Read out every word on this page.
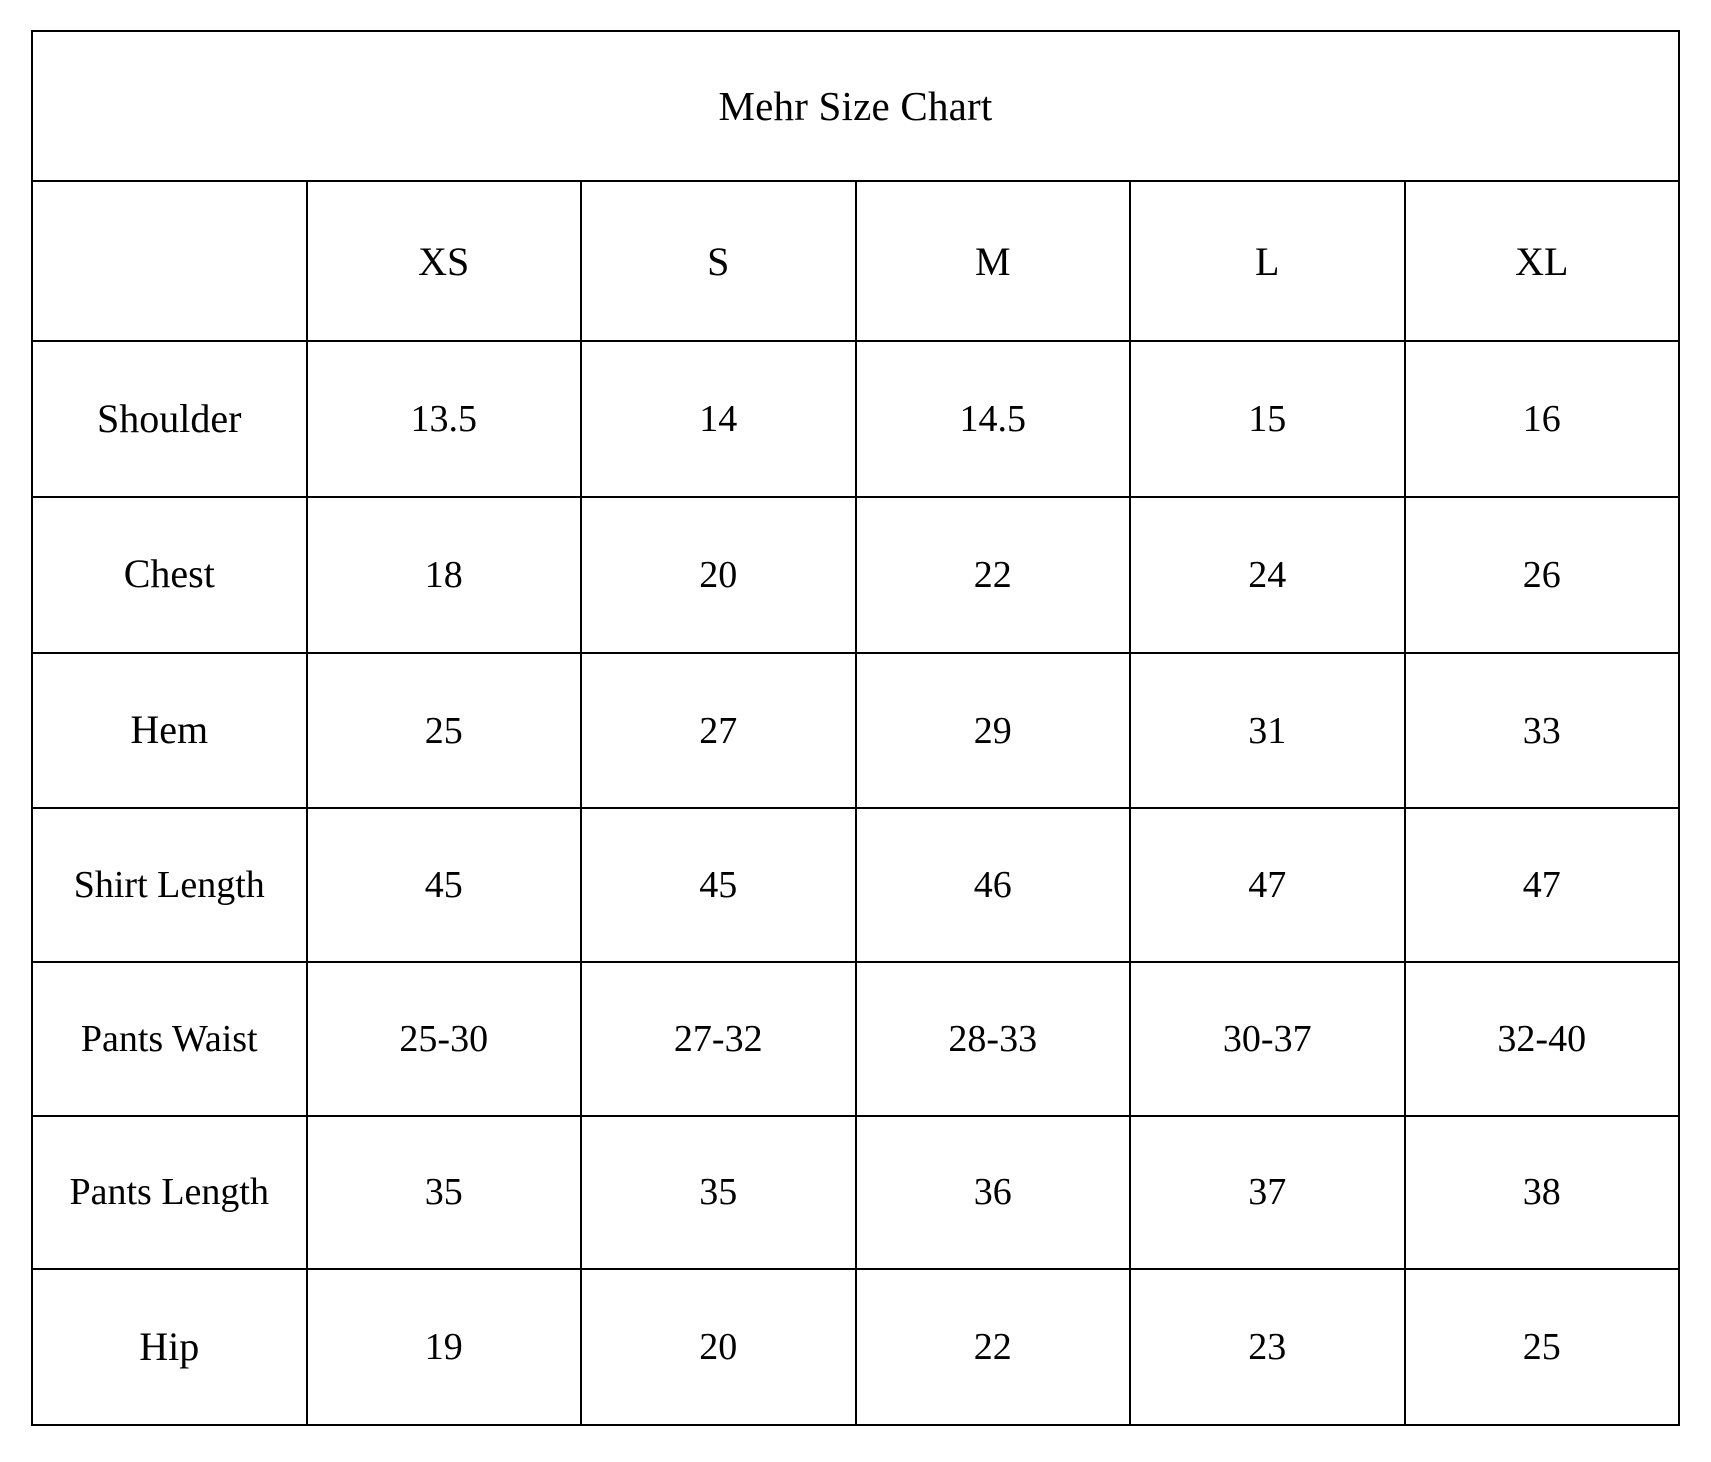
Mehr Size Chart					
	XS	S	M	L	XL
Shoulder	13.5	14	14.5	15	16
Chest	18	20	22	24	26
Hem	25	27	29	31	33
Shirt Length	45	45	46	47	47
Pants Waist	25-30	27-32	28-33	30-37	32-40
Pants Length	35	35	36	37	38
Hip	19	20	22	23	25
